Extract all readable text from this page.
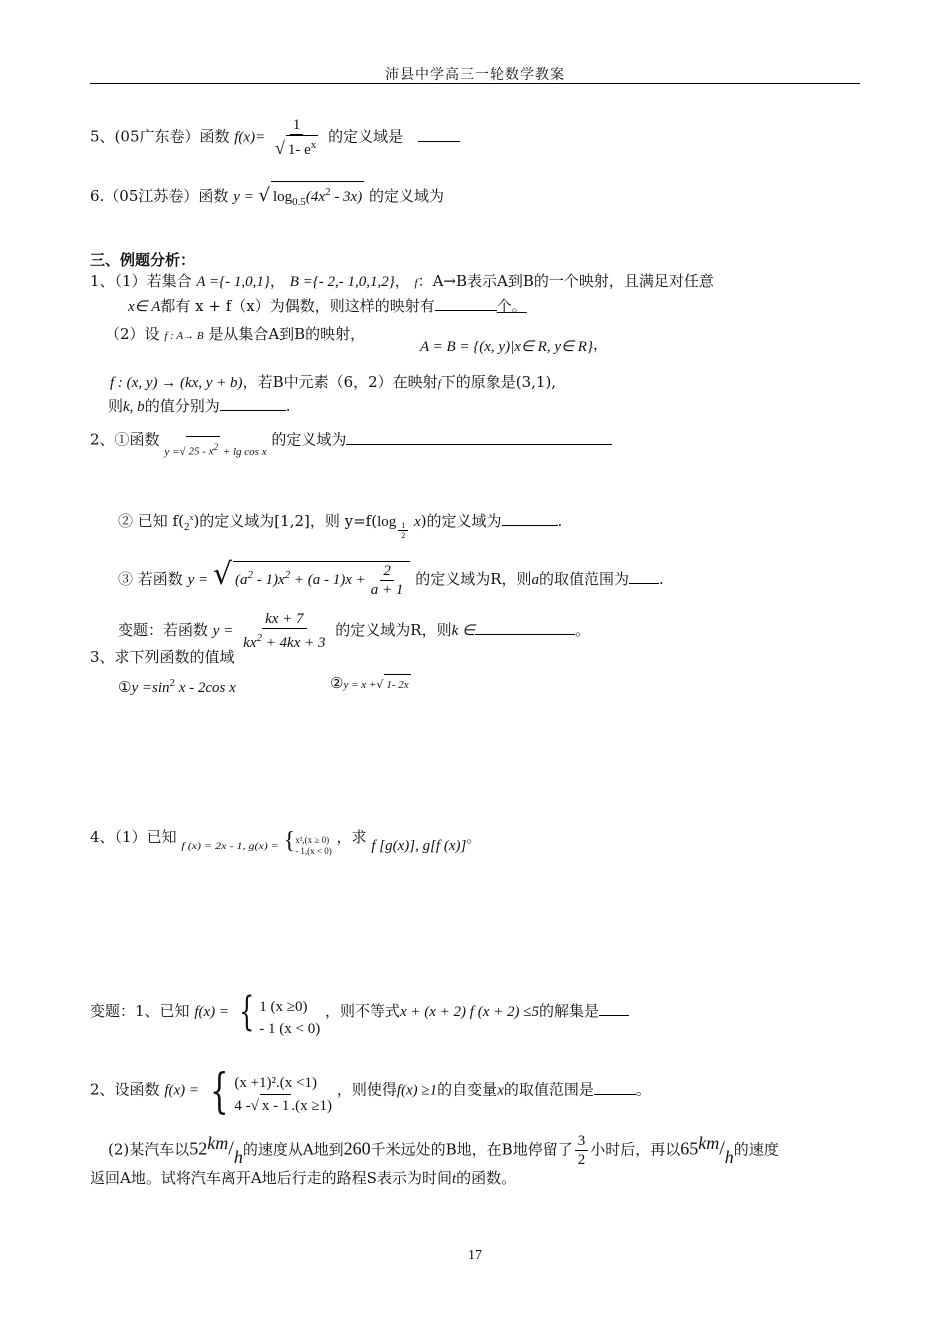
沛县中学高三一轮数学教案
5、(05广东卷）函数 $f(x)= \frac{1}{√ 1- e^x}$ 的定义域是
6.（05江苏卷）函数 y = √ $\log_{0.5}(4x^2 - 3x)$ 的定义域为
三、例题分析：
1、（1）若集合 A ={- 1,0,1}， B ={- 2,- 1,0,1,2}， f：A→B表示A到B的一个映射，且满足对任意
x∈ A都有 x + f（x）为偶数，则这样的映射有	个。
（2）设 f : A→ B 是从集合A到B的映射， A = B = {(x, y)|x∈ R, y∈ R}，
f : (x, y) → (kx, y + b)，若B中元素（6，2）在映射f下的原象是(3,1),
则k, b的值分别为	.
2、①函数 $_{y =√ 25 - x^2 + lg cos x}$ 的定义域为
② 已知 $f(_2^x)$的定义域为[1,2]，则 $y=f(\log \frac{1}{2} x)$的定义域为	.
③ 若函数 y = √ $(a^2 - 1)x^2 + (a - 1)x + \frac{2}{a + 1}$ 的定义域为R，则a的取值范围为 .
变题：若函数 $y = \frac{kx + 7}{kx^2 + 4kx + 3}$ 的定义域为R，则k ∈	。
3、求下列函数的值域
①y $=\sin^2$ x - 2cos x	②y = x +√ 1- 2x
4、（1）已知 f (x) = 2x - 1, g(x) = { x²,(x ≥ 0)
- 1,(x < 0)
，求 f [g(x)], g[f (x)]。
变题：1、已知 f(x) = { 1 (x ≥0)
- 1 (x < 0)
，则不等式x + (x + 2) f (x + 2) ≤5的解集是
2、设函数 f(x) = { (x +1)².(x <1)
4 -√ x - 1 .(x ≥1)
，则使得f(x) ≥1的自变量x的取值范围是	。
(2)某汽车以52km/h的速度从A地到260千米远处的B地，在B地停留了 $\frac{3}{2}$ 小时后，再以65km/h的速度
返回A地。试将汽车离开A地后行走的路程S表示为时间t的函数。
17
